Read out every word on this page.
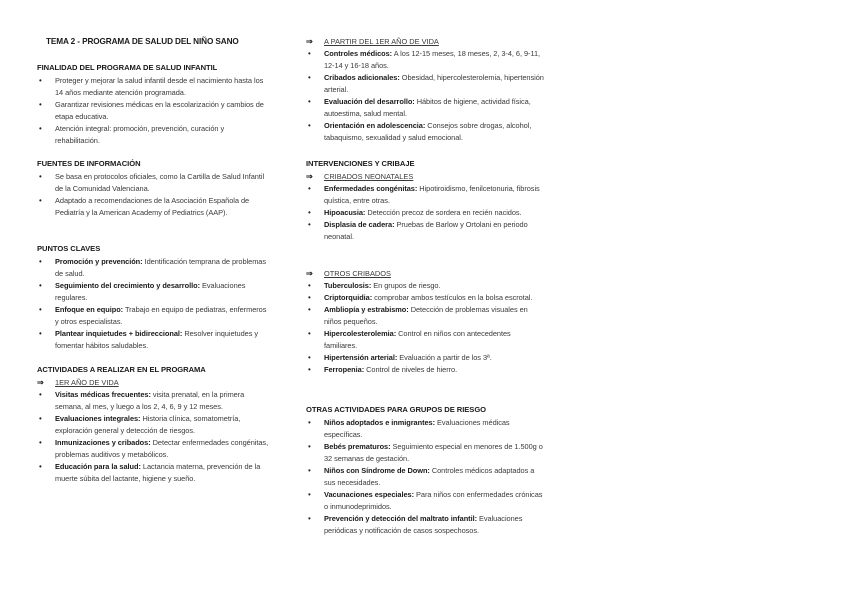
TEMA 2 - PROGRAMA DE SALUD DEL NIÑO SANO
FINALIDAD DEL PROGRAMA DE SALUD INFANTIL
• Proteger y mejorar la salud infantil desde el nacimiento hasta los 14 años mediante atención programada.
• Garantizar revisiones médicas en la escolarización y cambios de etapa educativa.
• Atención integral: promoción, prevención, curación y rehabilitación.
FUENTES DE INFORMACIÓN
• Se basa en protocolos oficiales, como la Cartilla de Salud Infantil de la Comunidad Valenciana.
• Adaptado a recomendaciones de la Asociación Española de Pediatría y la American Academy of Pediatrics (AAP).
PUNTOS CLAVES
• Promoción y prevención: Identificación temprana de problemas de salud.
• Seguimiento del crecimiento y desarrollo: Evaluaciones regulares.
• Enfoque en equipo: Trabajo en equipo de pediatras, enfermeros y otros especialistas.
• Plantear inquietudes + bidireccional: Resolver inquietudes y fomentar hábitos saludables.
ACTIVIDADES A REALIZAR EN EL PROGRAMA
⇒ 1ER AÑO DE VIDA
• Visitas médicas frecuentes: visita prenatal, en la primera semana, al mes, y luego a los 2, 4, 6, 9 y 12 meses.
• Evaluaciones integrales: Historia clínica, somatometría, exploración general y detección de riesgos.
• Inmunizaciones y cribados: Detectar enfermedades congénitas, problemas auditivos y metabólicos.
• Educación para la salud: Lactancia materna, prevención de la muerte súbita del lactante, higiene y sueño.
⇒ A PARTIR DEL 1ER AÑO DE VIDA
• Controles médicos: A los 12-15 meses, 18 meses, 2, 3-4, 6, 9-11, 12-14 y 16-18 años.
• Cribados adicionales: Obesidad, hipercolesterolemia, hipertensión arterial.
• Evaluación del desarrollo: Hábitos de higiene, actividad física, autoestima, salud mental.
• Orientación en adolescencia: Consejos sobre drogas, alcohol, tabaquismo, sexualidad y salud emocional.
INTERVENCIONES Y CRIBAJE
⇒ CRIBADOS NEONATALES
• Enfermedades congénitas: Hipotiroidismo, fenilcetonuria, fibrosis quística, entre otras.
• Hipoacusia: Detección precoz de sordera en recién nacidos.
• Displasia de cadera: Pruebas de Barlow y Ortolani en periodo neonatal.
⇒ OTROS CRIBADOS
• Tuberculosis: En grupos de riesgo.
• Criptorquidia: comprobar ambos testículos en la bolsa escrotal.
• Ambliopía y estrabismo: Detección de problemas visuales en niños pequeños.
• Hipercolesterolemia: Control en niños con antecedentes familiares.
• Hipertensión arterial: Evaluación a partir de los 3ª.
• Ferropenia: Control de niveles de hierro.
OTRAS ACTIVIDADES PARA GRUPOS DE RIESGO
• Niños adoptados e inmigrantes: Evaluaciones médicas específicas.
• Bebés prematuros: Seguimiento especial en menores de 1.500g o 32 semanas de gestación.
• Niños con Síndrome de Down: Controles médicos adaptados a sus necesidades.
• Vacunaciones especiales: Para niños con enfermedades crónicas o inmunodeprimidos.
• Prevención y detección del maltrato infantil: Evaluaciones periódicas y notificación de casos sospechosos.
